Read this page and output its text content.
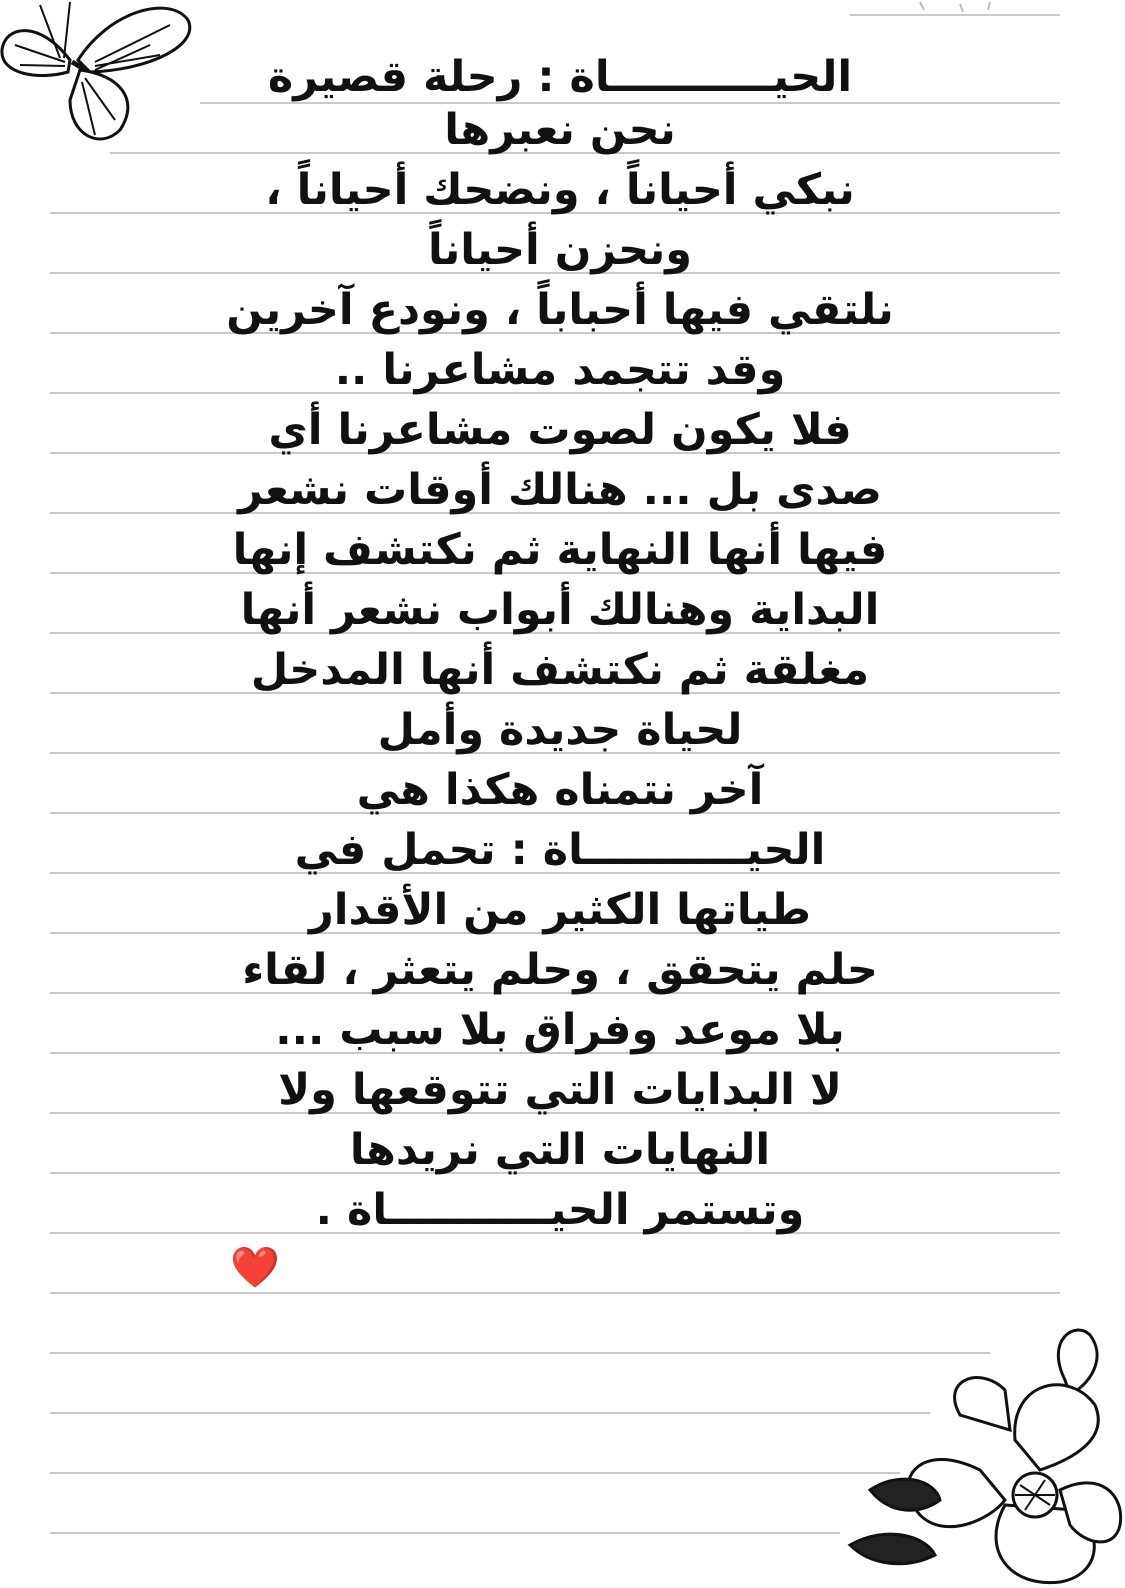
الحيـــــــــــاة : رحلة قصيرة
نحن نعبرها
نبكي أحياناً ، ونضحك أحياناً ،
ونحزن أحياناً
نلتقي فيها أحباباً ، ونودع آخرين
وقد تتجمد مشاعرنا ..
فلا يكون لصوت مشاعرنا أي
صدى بل ... هنالك أوقات نشعر
فيها أنها النهاية ثم نكتشف إنها
البداية وهنالك أبواب نشعر أنها
مغلقة ثم نكتشف أنها المدخل
لحياة جديدة وأمل
آخر نتمناه هكذا هي
الحيـــــــــــاة : تحمل في
طياتها الكثير من الأقدار
حلم يتحقق ، وحلم يتعثر ، لقاء
بلا موعد وفراق بلا سبب ...
لا البدايات التي تتوقعها ولا
النهايات التي نريدها
وتستمر الحيـــــــــــاة .
❤️
